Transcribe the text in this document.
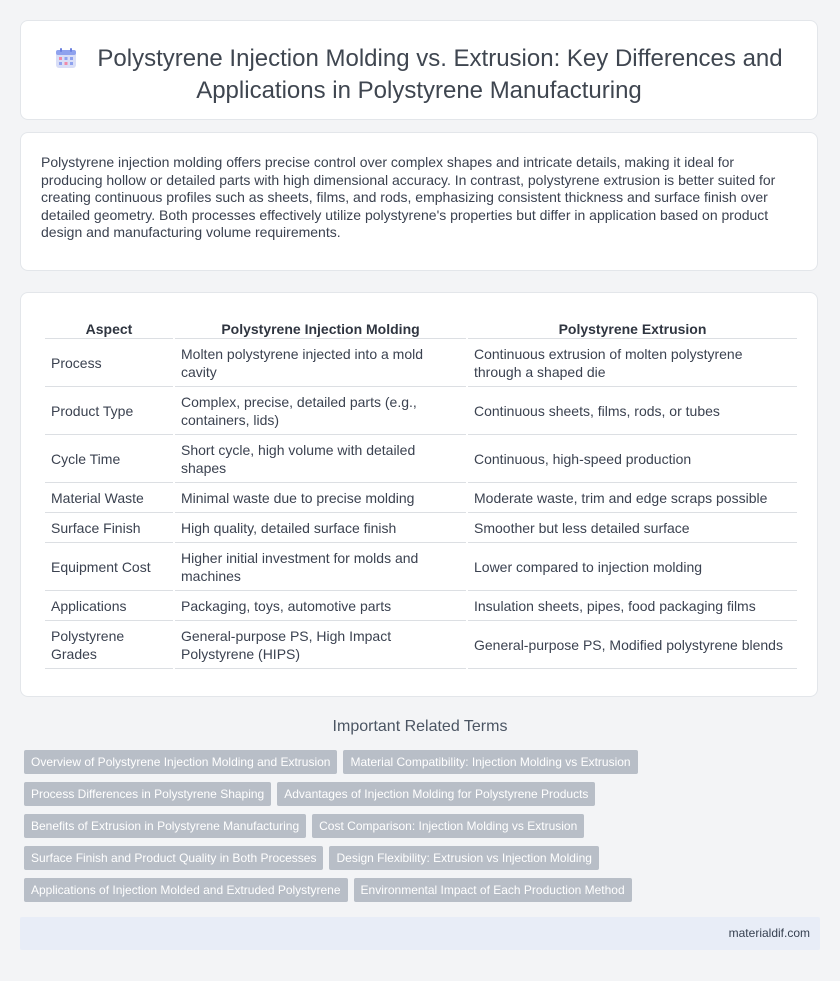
Polystyrene Injection Molding vs. Extrusion: Key Differences and
Applications in Polystyrene Manufacturing
Polystyrene injection molding offers precise control over complex shapes and intricate details, making it ideal for producing hollow or detailed parts with high dimensional accuracy. In contrast, polystyrene extrusion is better suited for creating continuous profiles such as sheets, films, and rods, emphasizing consistent thickness and surface finish over detailed geometry. Both processes effectively utilize polystyrene's properties but differ in application based on product design and manufacturing volume requirements.
Aspect	Polystyrene Injection Molding	Polystyrene Extrusion
Process	Molten polystyrene injected into a mold cavity	Continuous extrusion of molten polystyrene through a shaped die
Product Type	Complex, precise, detailed parts (e.g., containers, lids)	Continuous sheets, films, rods, or tubes
Cycle Time	Short cycle, high volume with detailed shapes	Continuous, high-speed production
Material Waste	Minimal waste due to precise molding	Moderate waste, trim and edge scraps possible
Surface Finish	High quality, detailed surface finish	Smoother but less detailed surface
Equipment Cost	Higher initial investment for molds and machines	Lower compared to injection molding
Applications	Packaging, toys, automotive parts	Insulation sheets, pipes, food packaging films
Polystyrene Grades	General-purpose PS, High Impact Polystyrene (HIPS)	General-purpose PS, Modified polystyrene blends
Important Related Terms
Overview of Polystyrene Injection Molding and Extrusion Material Compatibility: Injection Molding vs Extrusion
Process Differences in Polystyrene Shaping Advantages of Injection Molding for Polystyrene Products
Benefits of Extrusion in Polystyrene Manufacturing Cost Comparison: Injection Molding vs Extrusion
Surface Finish and Product Quality in Both Processes Design Flexibility: Extrusion vs Injection Molding
Applications of Injection Molded and Extruded Polystyrene Environmental Impact of Each Production Method
materialdif.com
